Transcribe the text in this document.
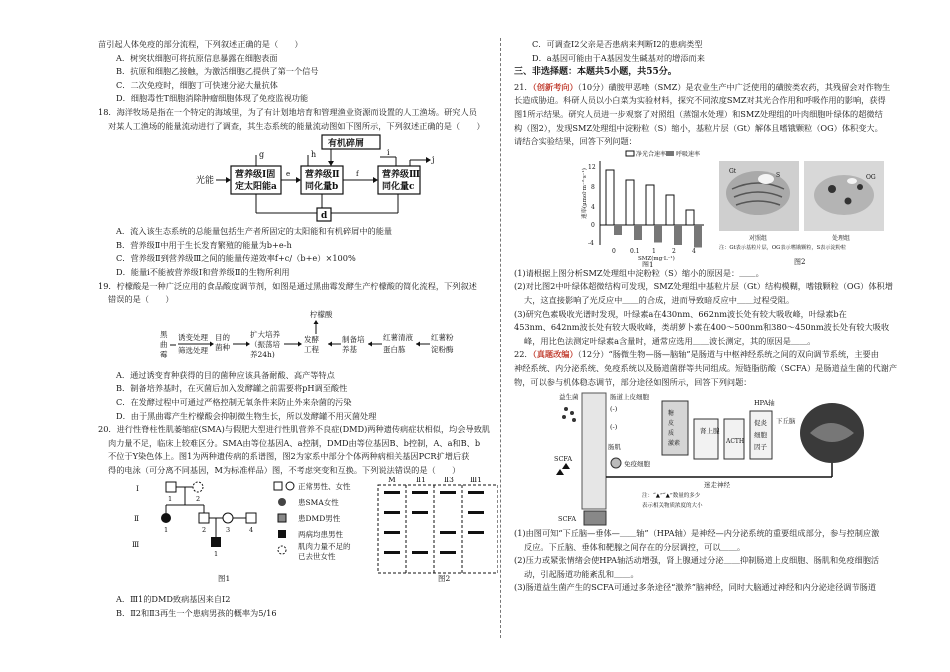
苗引起人体免疫的部分流程，下列叙述正确的是（　　）

A．树突状细胞可将抗原信息暴露在细胞表面

B．抗原和细胞乙接触，为激活细胞乙提供了第一个信号

C．二次免疫时，细胞丁可快速分泌大量抗体

D．细胞毒性T细胞消除肿瘤细胞体现了免疫监视功能

18．海洋牧场是指在一个特定的海域里，为了有计划地培育和管理渔业资源而设置的人工渔场。研究人员

对某人工渔场的能量流动进行了调查，其生态系统的能量流动图如下图所示，下列叙述正确的是（　　）

光能
营养级Ⅰ固
定太阳能a
e 营养级Ⅱ
同化量b
f	营养级Ⅲ
同化量c
有机碎屑
g	h	i
j
d

A．流入该生态系统的总能量包括生产者所固定的太阳能和有机碎屑中的能量

B．营养级Ⅱ中用于生长发育繁殖的能量为b+e-h

C．营养级Ⅱ到营养级Ⅲ之间的能量传递效率f+c/（b+e）×100%

D．能量i不能被营养级Ⅰ和营养级Ⅱ的生物所利用

19．柠檬酸是一种广泛应用的食品酸度调节剂，如图是通过黑曲霉发酵生产柠檬酸的简化流程，下列叙述

错误的是（　　）

黑
曲
霉
诱变处理
筛选处理
目的
菌种
扩大培养
（振荡培
养24h)
柠檬酸
发酵
工程
制备培
养基
红薯清液
蛋白胨
红薯粉
淀粉酶

A．通过诱变育种获得的目的菌种应该具备耐酸、高产等特点

B．制备培养基时，在灭菌后加入发酵罐之前需要将pH调至酸性

C．在发酵过程中可通过严格控制无氧条件来防止外来杂菌的污染

D．由于黑曲霉产生柠檬酸会抑制微生物生长，所以发酵罐不用灭菌处理

20．进行性脊柱性肌萎缩症(SMA)与假肥大型进行性肌营养不良症(DMD)两种遗传病症状相似，均会导致肌

肉力量不足，临床上较难区分。SMA由等位基因A、a控制，DMD由等位基因B、b控制，A、a和B、b

不位于Y染色体上。图1为两种遗传病的系谱图，图2为家系中部分个体两种病相关基因PCR扩增后获

得的电泳（可分离不同基因，M为标准样品）图，不考虑突变和互换。下列说法错误的是（　　）

Ⅰ
Ⅱ
Ⅲ
1	2
1	2	3	4
1
正常男性、女性
患SMA女性
患DMD男性
两病均患男性
肌肉力量不足的
已去世女性
图1
M	Ⅱ1 Ⅱ3 Ⅲ1
图2

A．Ⅲ1的DMD致病基因来自I2

B．Ⅱ2和Ⅱ3再生一个患病男孩的概率为5/16

C．可调查Ⅰ2父亲是否患病来判断Ⅰ2的患病类型

D．a基因可能由于A基因发生碱基对的增添而来

三、非选择题：本题共5小题，共55分。

21．（创新考向）（10分）磺胺甲恶唑（SMZ）是农业生产中广泛使用的磺胺类农药，其残留会对作物生

长造成胁迫。科研人员以小白菜为实验材料，探究不同浓度SMZ对其光合作用和呼吸作用的影响，获得

图1所示结果。研究人员进一步观察了对照组（蒸馏水处理）和SMZ处理组的叶肉细胞叶绿体的超微结

构（图2），发现SMZ处理组中淀粉粒（S）缩小，基粒片层（Gt）解体且嗜锇颗粒（OG）体积变大。

请结合实验结果，回答下列问题：

净光合速率 呼吸速率
速率(μmol·m⁻²·s⁻¹)
12
8
4
0
-4
0 0.1 1	2	4
SMZ(mg·L⁻¹)
图1
Gt
S	OG
对照组	处理组
注：Gt表示基粒片层，OG表示嗜锇颗粒，S表示淀粉粒
图2

(1)请根据上图分析SMZ处理组中淀粉粒（S）缩小的原因是：＿＿。

(2)对比图2中叶绿体超微结构可发现，SMZ处理组中基粒片层（Gt）结构模糊，嗜锇颗粒（OG）体积增

大，这直接影响了光反应中＿＿的合成，进而导致暗反应中＿＿过程受阻。

(3)研究色素吸收光谱时发现，叶绿素a在430nm、662nm波长处有较大吸收峰，叶绿素b在

453nm、642nm波长处有较大吸收峰，类胡萝卜素在400～500nm和380～450nm波长处有较大吸收

峰，用比色法测定叶绿素a含量时，通常应选用＿＿波长测定，其的原因是＿＿。

22．（真题改编）（12分）“肠微生物—肠—脑轴”是肠道与中枢神经系统之间的双向调节系统，主要由

神经系统、内分泌系统、免疫系统以及肠道菌群等共同组成。短链脂肪酸（SCFA）是肠道益生菌的代谢产

物，可以参与机体稳态调节，部分途径如图所示，回答下列问题：

益生菌	肠道上皮细胞
(-)
(-)
肠肌
免疫细胞
糖
皮
质
激素
糖皮质激素
肾上腺
ACTH
HPA轴
促炎
细胞
因子
下丘脑
迷走神经
SCFA
注：“▲”“▲”数量的多少
表示相关物质浓度的大小
SCFA

(1)由图可知“下丘脑—垂体—＿＿轴”（HPA轴）是神经—内分泌系统的重要组成部分，参与控制应激

反应。下丘脑、垂体和靶腺之间存在的分层调控，可以＿＿。

(2)压力或紧张情绪会使HPA轴活动增强，肾上腺通过分泌＿＿抑制肠道上皮细胞、肠肌和免疫细胞活

动，引起肠道功能紊乱和＿＿。

(3)肠道益生菌产生的SCFA可通过多条途径“激养”脑神经，同时大脑通过神经和内分泌途径调节肠道
